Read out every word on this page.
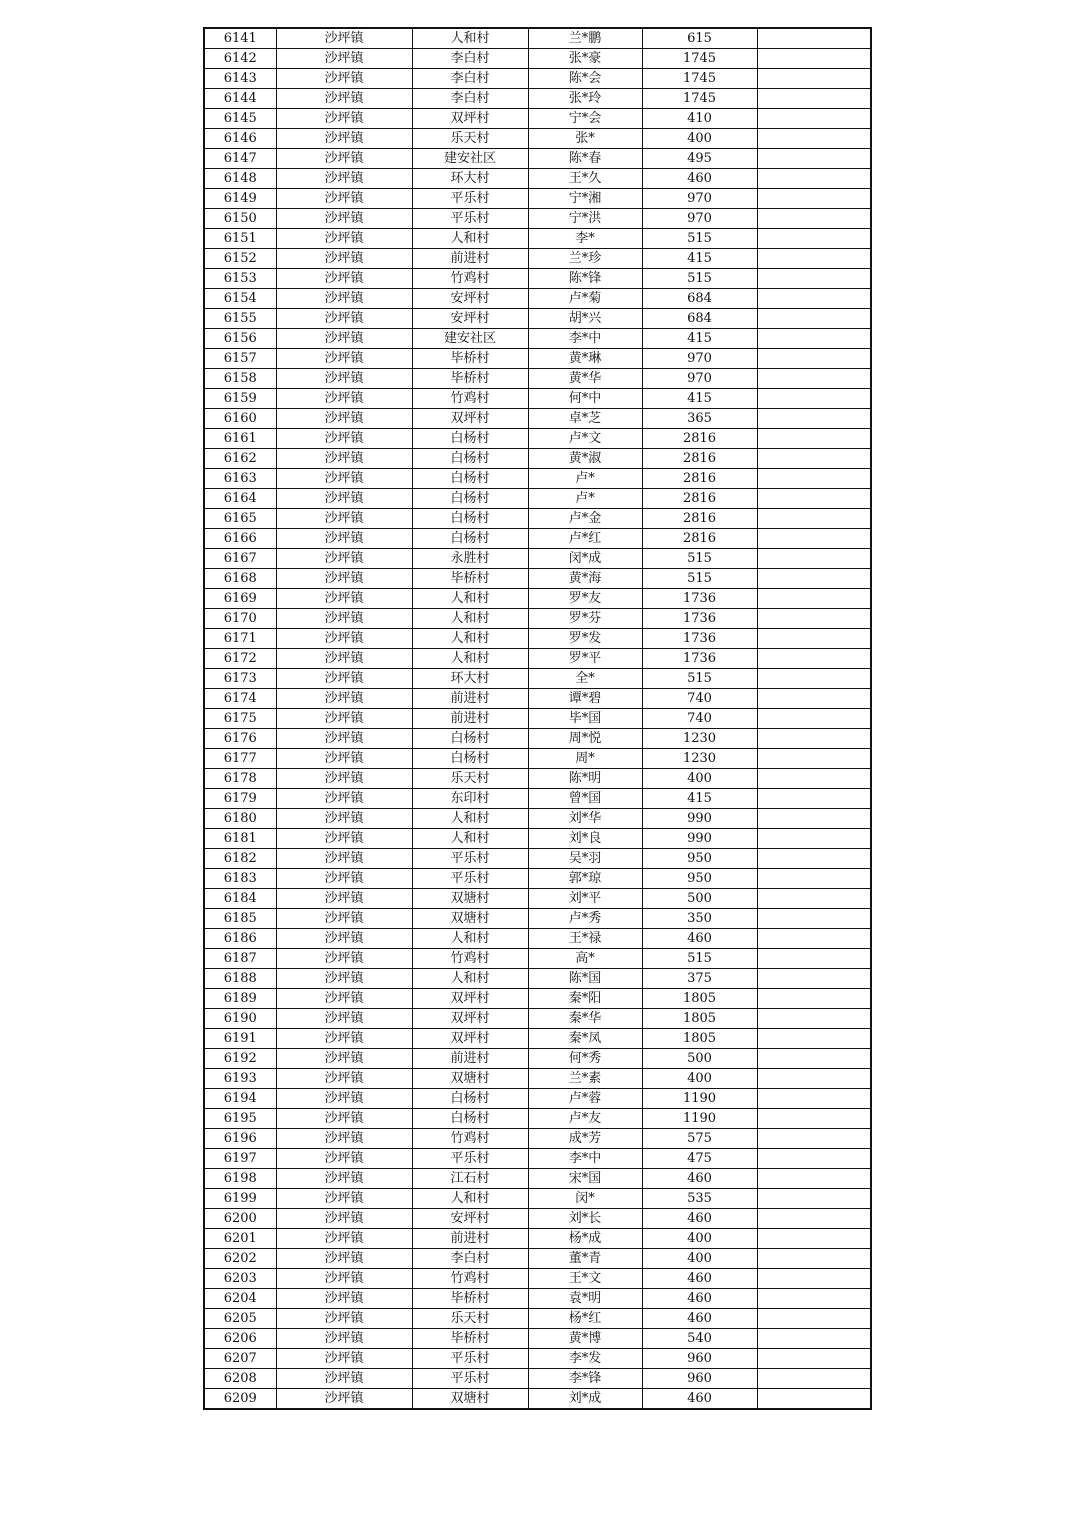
6141	沙坪镇	人和村	兰*鹏	615	
6142	沙坪镇	李白村	张*豪	1745	
6143	沙坪镇	李白村	陈*会	1745	
6144	沙坪镇	李白村	张*玲	1745	
6145	沙坪镇	双坪村	宁*会	410	
6146	沙坪镇	乐天村	张*	400	
6147	沙坪镇	建安社区	陈*春	495	
6148	沙坪镇	环大村	王*久	460	
6149	沙坪镇	平乐村	宁*湘	970	
6150	沙坪镇	平乐村	宁*洪	970	
6151	沙坪镇	人和村	李*	515	
6152	沙坪镇	前进村	兰*珍	415	
6153	沙坪镇	竹鸡村	陈*锋	515	
6154	沙坪镇	安坪村	卢*菊	684	
6155	沙坪镇	安坪村	胡*兴	684	
6156	沙坪镇	建安社区	李*中	415	
6157	沙坪镇	毕桥村	黄*琳	970	
6158	沙坪镇	毕桥村	黄*华	970	
6159	沙坪镇	竹鸡村	何*中	415	
6160	沙坪镇	双坪村	卓*芝	365	
6161	沙坪镇	白杨村	卢*文	2816	
6162	沙坪镇	白杨村	黄*淑	2816	
6163	沙坪镇	白杨村	卢*	2816	
6164	沙坪镇	白杨村	卢*	2816	
6165	沙坪镇	白杨村	卢*金	2816	
6166	沙坪镇	白杨村	卢*红	2816	
6167	沙坪镇	永胜村	闵*成	515	
6168	沙坪镇	毕桥村	黄*海	515	
6169	沙坪镇	人和村	罗*友	1736	
6170	沙坪镇	人和村	罗*芬	1736	
6171	沙坪镇	人和村	罗*发	1736	
6172	沙坪镇	人和村	罗*平	1736	
6173	沙坪镇	环大村	全*	515	
6174	沙坪镇	前进村	谭*碧	740	
6175	沙坪镇	前进村	毕*国	740	
6176	沙坪镇	白杨村	周*悦	1230	
6177	沙坪镇	白杨村	周*	1230	
6178	沙坪镇	乐天村	陈*明	400	
6179	沙坪镇	东印村	曾*国	415	
6180	沙坪镇	人和村	刘*华	990	
6181	沙坪镇	人和村	刘*良	990	
6182	沙坪镇	平乐村	吴*羽	950	
6183	沙坪镇	平乐村	郭*琼	950	
6184	沙坪镇	双塘村	刘*平	500	
6185	沙坪镇	双塘村	卢*秀	350	
6186	沙坪镇	人和村	王*禄	460	
6187	沙坪镇	竹鸡村	高*	515	
6188	沙坪镇	人和村	陈*国	375	
6189	沙坪镇	双坪村	秦*阳	1805	
6190	沙坪镇	双坪村	秦*华	1805	
6191	沙坪镇	双坪村	秦*凤	1805	
6192	沙坪镇	前进村	何*秀	500	
6193	沙坪镇	双塘村	兰*素	400	
6194	沙坪镇	白杨村	卢*蓉	1190	
6195	沙坪镇	白杨村	卢*友	1190	
6196	沙坪镇	竹鸡村	成*芳	575	
6197	沙坪镇	平乐村	李*中	475	
6198	沙坪镇	江石村	宋*国	460	
6199	沙坪镇	人和村	闵*	535	
6200	沙坪镇	安坪村	刘*长	460	
6201	沙坪镇	前进村	杨*成	400	
6202	沙坪镇	李白村	董*青	400	
6203	沙坪镇	竹鸡村	王*文	460	
6204	沙坪镇	毕桥村	袁*明	460	
6205	沙坪镇	乐天村	杨*红	460	
6206	沙坪镇	毕桥村	黄*博	540	
6207	沙坪镇	平乐村	李*发	960	
6208	沙坪镇	平乐村	李*锋	960	
6209	沙坪镇	双塘村	刘*成	460	
